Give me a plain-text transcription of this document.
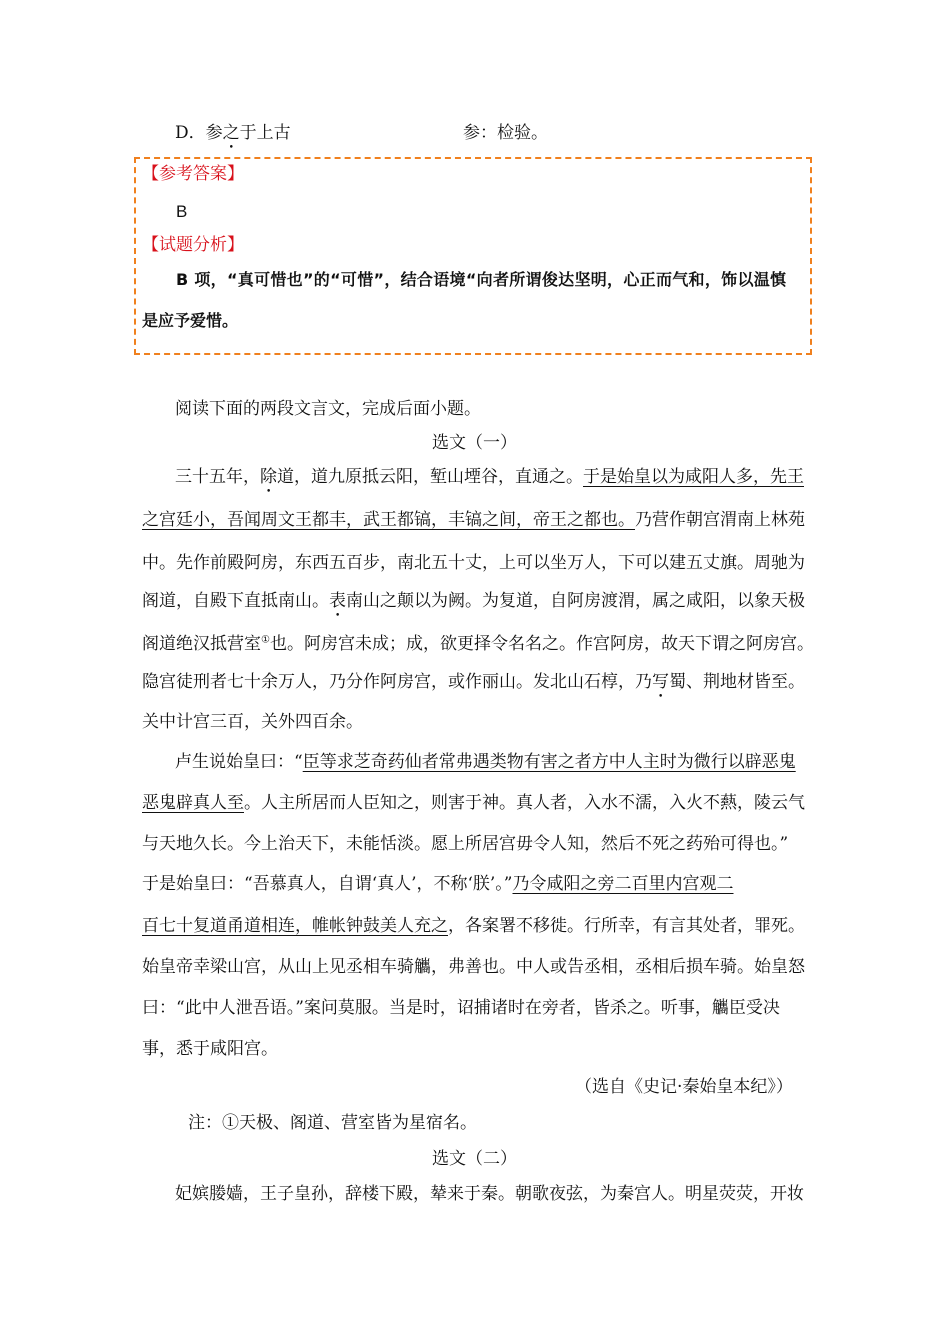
D．参之于上古	参：检验。
【参考答案】
B
【试题分析】
B 项，“真可惜也”的“可惜”，结合语境“向者所谓俊达坚明，心正而气和，饰以温慎
是应予爱惜。
阅读下面的两段文言文，完成后面小题。
选文（一）
三十五年，除道，道九原抵云阳，堑山堙谷，直通之。于是始皇以为咸阳人多，先王
之宫廷小，吾闻周文王都丰，武王都镐，丰镐之间，帝王之都也。乃营作朝宫渭南上林苑
中。先作前殿阿房，东西五百步，南北五十丈，上可以坐万人，下可以建五丈旗。周驰为
阁道，自殿下直抵南山。表南山之颠以为阙。为复道，自阿房渡渭，属之咸阳，以象天极
阁道绝汉抵营室①也。阿房宫未成；成，欲更择令名名之。作宫阿房，故天下谓之阿房宫。
隐宫徒刑者七十余万人，乃分作阿房宫，或作丽山。发北山石椁，乃写蜀、荆地材皆至。
关中计宫三百，关外四百余。
卢生说始皇曰：“臣等求芝奇药仙者常弗遇类物有害之者方中人主时为微行以辟恶鬼
恶鬼辟真人至。人主所居而人臣知之，则害于神。真人者，入水不濡，入火不爇，陵云气
与天地久长。今上治天下，未能恬淡。愿上所居宫毋令人知，然后不死之药殆可得也。”
于是始皇曰：“吾慕真人，自谓‘真人’，不称‘朕’。”乃令咸阳之旁二百里内宫观二
百七十复道甬道相连，帷帐钟鼓美人充之，各案署不移徙。行所幸，有言其处者，罪死。
始皇帝幸梁山宫，从山上见丞相车骑觿，弗善也。中人或告丞相，丞相后损车骑。始皇怒
曰：“此中人泄吾语。”案问莫服。当是时，诏捕诸时在旁者，皆杀之。听事，觿臣受决
事，悉于咸阳宫。
（选自《史记·秦始皇本纪》）
注：①天极、阁道、营室皆为星宿名。
选文（二）
妃嫔媵嫱，王子皇孙，辞楼下殿，辇来于秦。朝歌夜弦，为秦宫人。明星荧荧，开妆
